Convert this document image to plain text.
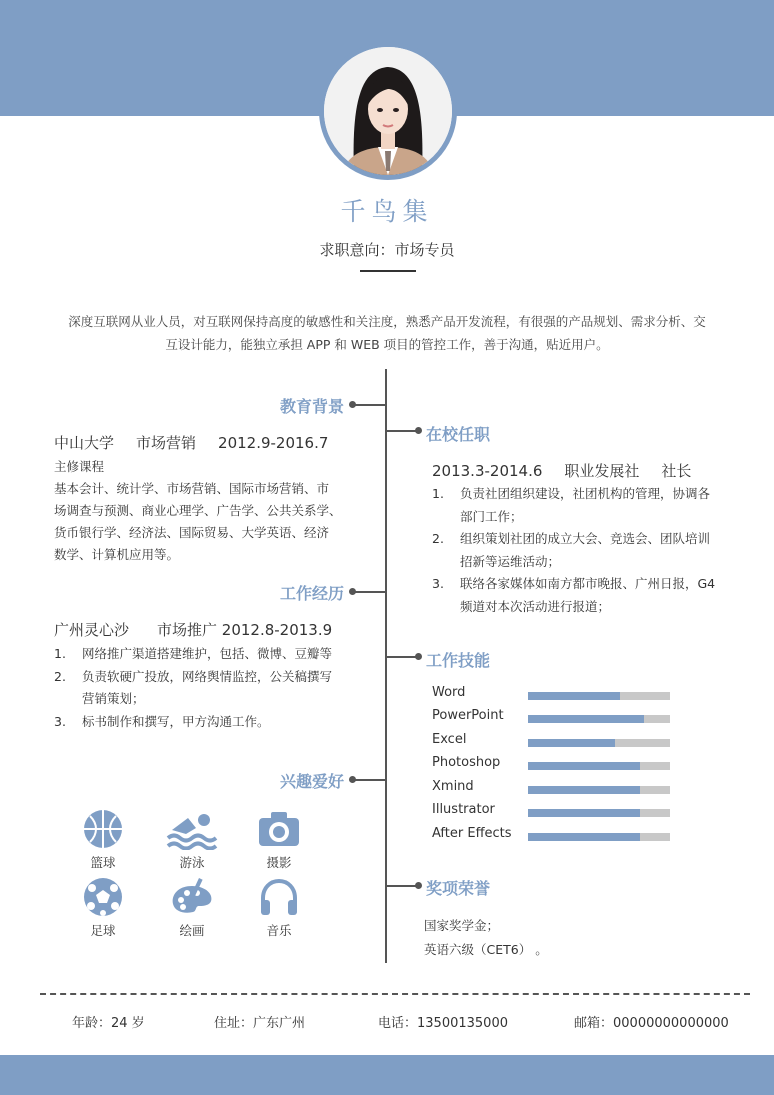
千鸟集
求职意向：市场专员
深度互联网从业人员，对互联网保持高度的敏感性和关注度，熟悉产品开发流程，有很强的产品规划、需求分析、交
互设计能力，能独立承担 APP 和 WEB 项目的管控工作，善于沟通，贴近用户。
教育背景
中山大学 市场营销 2012.9-2016.7
主修课程
基本会计、统计学、市场营销、国际市场营销、市
场调查与预测、商业心理学、广告学、公共关系学、
货币银行学、经济法、国际贸易、大学英语、经济
数学、计算机应用等。
工作经历
广州灵心沙 市场推广 2012.8-2013.9
1. 网络推广渠道搭建维护，包括、微博、豆瓣等
2. 负责软硬广投放，网络舆情监控，公关稿撰写
营销策划；
3. 标书制作和撰写，甲方沟通工作。
兴趣爱好
篮球	游泳	摄影
足球	绘画	音乐
在校任职
2013.3-2014.6 职业发展社 社长
1. 负责社团组织建设，社团机构的管理，协调各
部门工作；
2. 组织策划社团的成立大会、竞选会、团队培训
招新等运维活动；
3. 联络各家媒体如南方都市晚报、广州日报，G4
频道对本次活动进行报道；
工作技能
Word
PowerPoint
Excel
Photoshop
Xmind
Illustrator
After Effects
奖项荣誉
国家奖学金；
英语六级（CET6） 。
年龄：24 岁	住址：广东广州	电话：13500135000	邮箱：00000000000000
